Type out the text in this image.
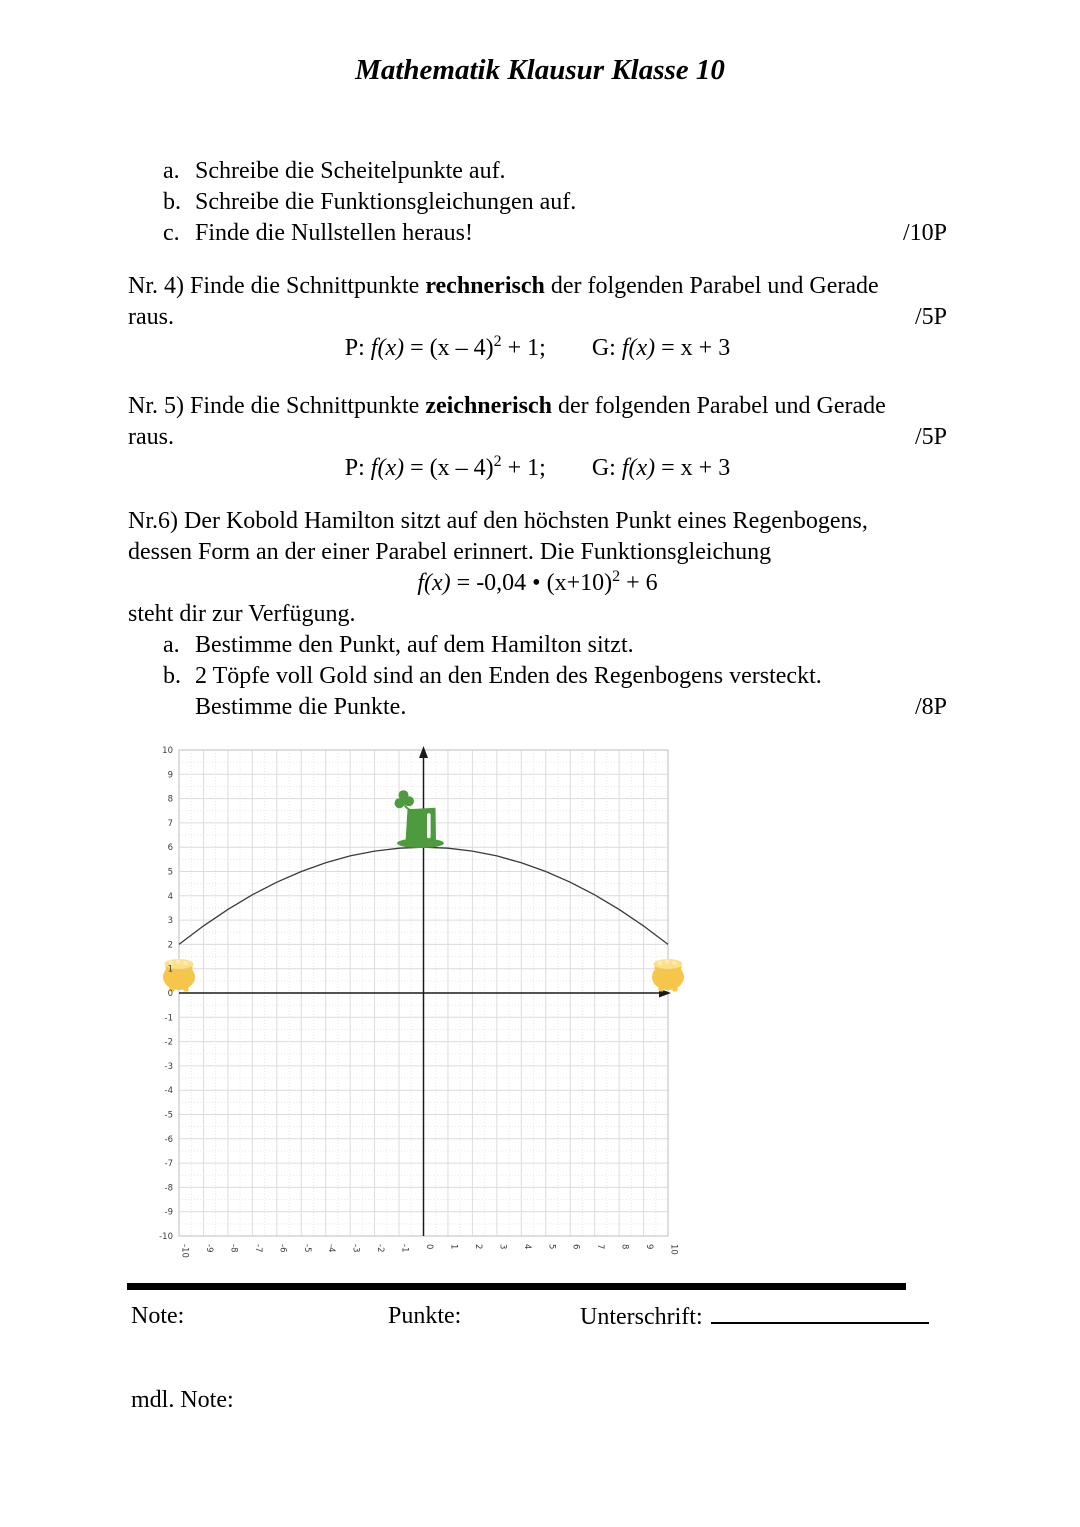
Mathematik Klausur Klasse 10
a. Schreibe die Scheitelpunkte auf.
b. Schreibe die Funktionsgleichungen auf.
c. Finde die Nullstellen heraus!	/10P
Nr. 4) Finde die Schnittpunkte rechnerisch der folgenden Parabel und Gerade
raus.	/5P
P: f(x) = (x – 4)$^2$ + 1; G: f(x) = x + 3
Nr. 5) Finde die Schnittpunkte zeichnerisch der folgenden Parabel und Gerade
raus.	/5P
P: f(x) = (x – 4)$^2$ + 1; G: f(x) = x + 3
Nr.6) Der Kobold Hamilton sitzt auf den höchsten Punkt eines Regenbogens,
dessen Form an der einer Parabel erinnert. Die Funktionsgleichung
f(x) = -0,04 • $(x+10)^2 + 6$
steht dir zur Verfügung.
a. Bestimme den Punkt, auf dem Hamilton sitzt.
b. 2 Töpfe voll Gold sind an den Enden des Regenbogens versteckt.
Bestimme die Punkte.	/8P
-10
-9
-8
-7
-6
-5
-4
-3
-2
-1
0
1
2
3
4
5
6
7
8
9
10
-10 -9 -8 -7 -6 -5 -4 -3 -2 -1 0 1 2 3 4 5 6 7 8 9 10
Note:	Punkte:	Unterschrift:
mdl. Note:
